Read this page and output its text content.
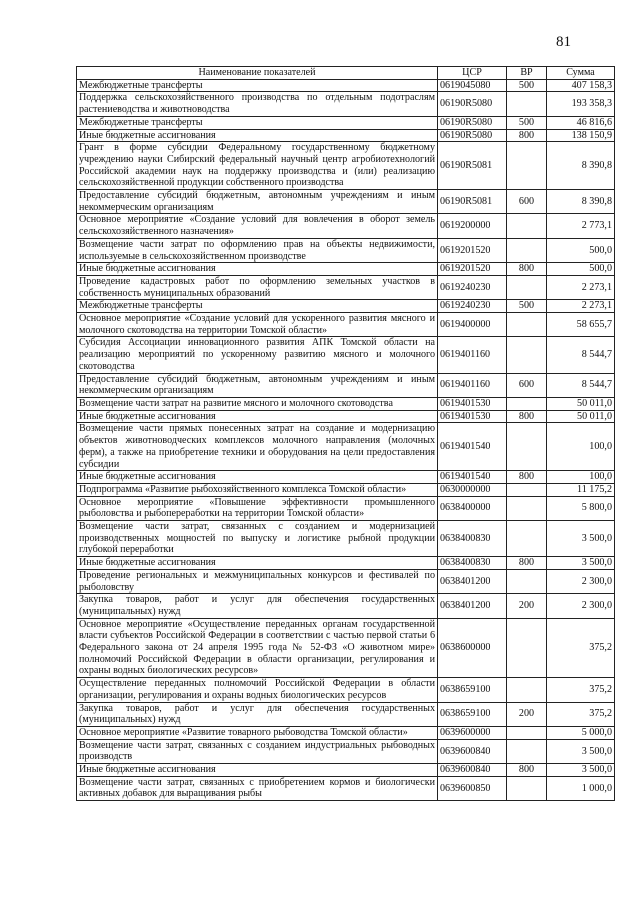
81
Наименование показателей	ЦСР	ВР	Сумма
Межбюджетные трансферты	0619045080	500	407 158,3
Поддержка сельскохозяйственного производства по отдельным подотраслям растениеводства и животноводства	06190R5080		193 358,3
Межбюджетные трансферты	06190R5080	500	46 816,6
Иные бюджетные ассигнования	06190R5080	800	138 150,9
Грант в форме субсидии Федеральному государственному бюджетному учреждению науки Сибирский федеральный научный центр агробиотехнологий Российской академии наук на поддержку производства и (или) реализацию сельскохозяйственной продукции собственного производства	06190R5081		8 390,8
Предоставление субсидий бюджетным, автономным учреждениям и иным некоммерческим организациям	06190R5081	600	8 390,8
Основное мероприятие «Создание условий для вовлечения в оборот земель сельскохозяйственного назначения»	0619200000		2 773,1
Возмещение части затрат по оформлению прав на объекты недвижимости, используемые в сельскохозяйственном производстве	0619201520		500,0
Иные бюджетные ассигнования	0619201520	800	500,0
Проведение кадастровых работ по оформлению земельных участков в собственность муниципальных образований	0619240230		2 273,1
Межбюджетные трансферты	0619240230	500	2 273,1
Основное мероприятие «Создание условий для ускоренного развития мясного и молочного скотоводства на территории Томской области»	0619400000		58 655,7
Субсидия Ассоциации инновационного развития АПК Томской области на реализацию мероприятий по ускоренному развитию мясного и молочного скотоводства	0619401160		8 544,7
Предоставление субсидий бюджетным, автономным учреждениям и иным некоммерческим организациям	0619401160	600	8 544,7
Возмещение части затрат на развитие мясного и молочного скотоводства	0619401530		50 011,0
Иные бюджетные ассигнования	0619401530	800	50 011,0
Возмещение части прямых понесенных затрат на создание и модернизацию объектов животноводческих комплексов молочного направления (молочных ферм), а также на приобретение техники и оборудования на цели предоставления субсидии	0619401540		100,0
Иные бюджетные ассигнования	0619401540	800	100,0
Подпрограмма «Развитие рыбохозяйственного комплекса Томской области»	0630000000		11 175,2
Основное мероприятие «Повышение эффективности промышленного рыболовства и рыбопереработки на территории Томской области»	0638400000		5 800,0
Возмещение части затрат, связанных с созданием и модернизацией производственных мощностей по выпуску и логистике рыбной продукции глубокой переработки	0638400830		3 500,0
Иные бюджетные ассигнования	0638400830	800	3 500,0
Проведение региональных и межмуниципальных конкурсов и фестивалей по рыболовству	0638401200		2 300,0
Закупка товаров, работ и услуг для обеспечения государственных (муниципальных) нужд	0638401200	200	2 300,0
Основное мероприятие «Осуществление переданных органам государственной власти субъектов Российской Федерации в соответствии с частью первой статьи 6 Федерального закона от 24 апреля 1995 года № 52-ФЗ «О животном мире» полномочий Российской Федерации в области организации, регулирования и охраны водных биологических ресурсов»	0638600000		375,2
Осуществление переданных полномочий Российской Федерации в области организации, регулирования и охраны водных биологических ресурсов	0638659100		375,2
Закупка товаров, работ и услуг для обеспечения государственных (муниципальных) нужд	0638659100	200	375,2
Основное мероприятие «Развитие товарного рыбоводства Томской области»	0639600000		5 000,0
Возмещение части затрат, связанных с созданием индустриальных рыбоводных производств	0639600840		3 500,0
Иные бюджетные ассигнования	0639600840	800	3 500,0
Возмещение части затрат, связанных с приобретением кормов и биологически активных добавок для выращивания рыбы	0639600850		1 000,0
